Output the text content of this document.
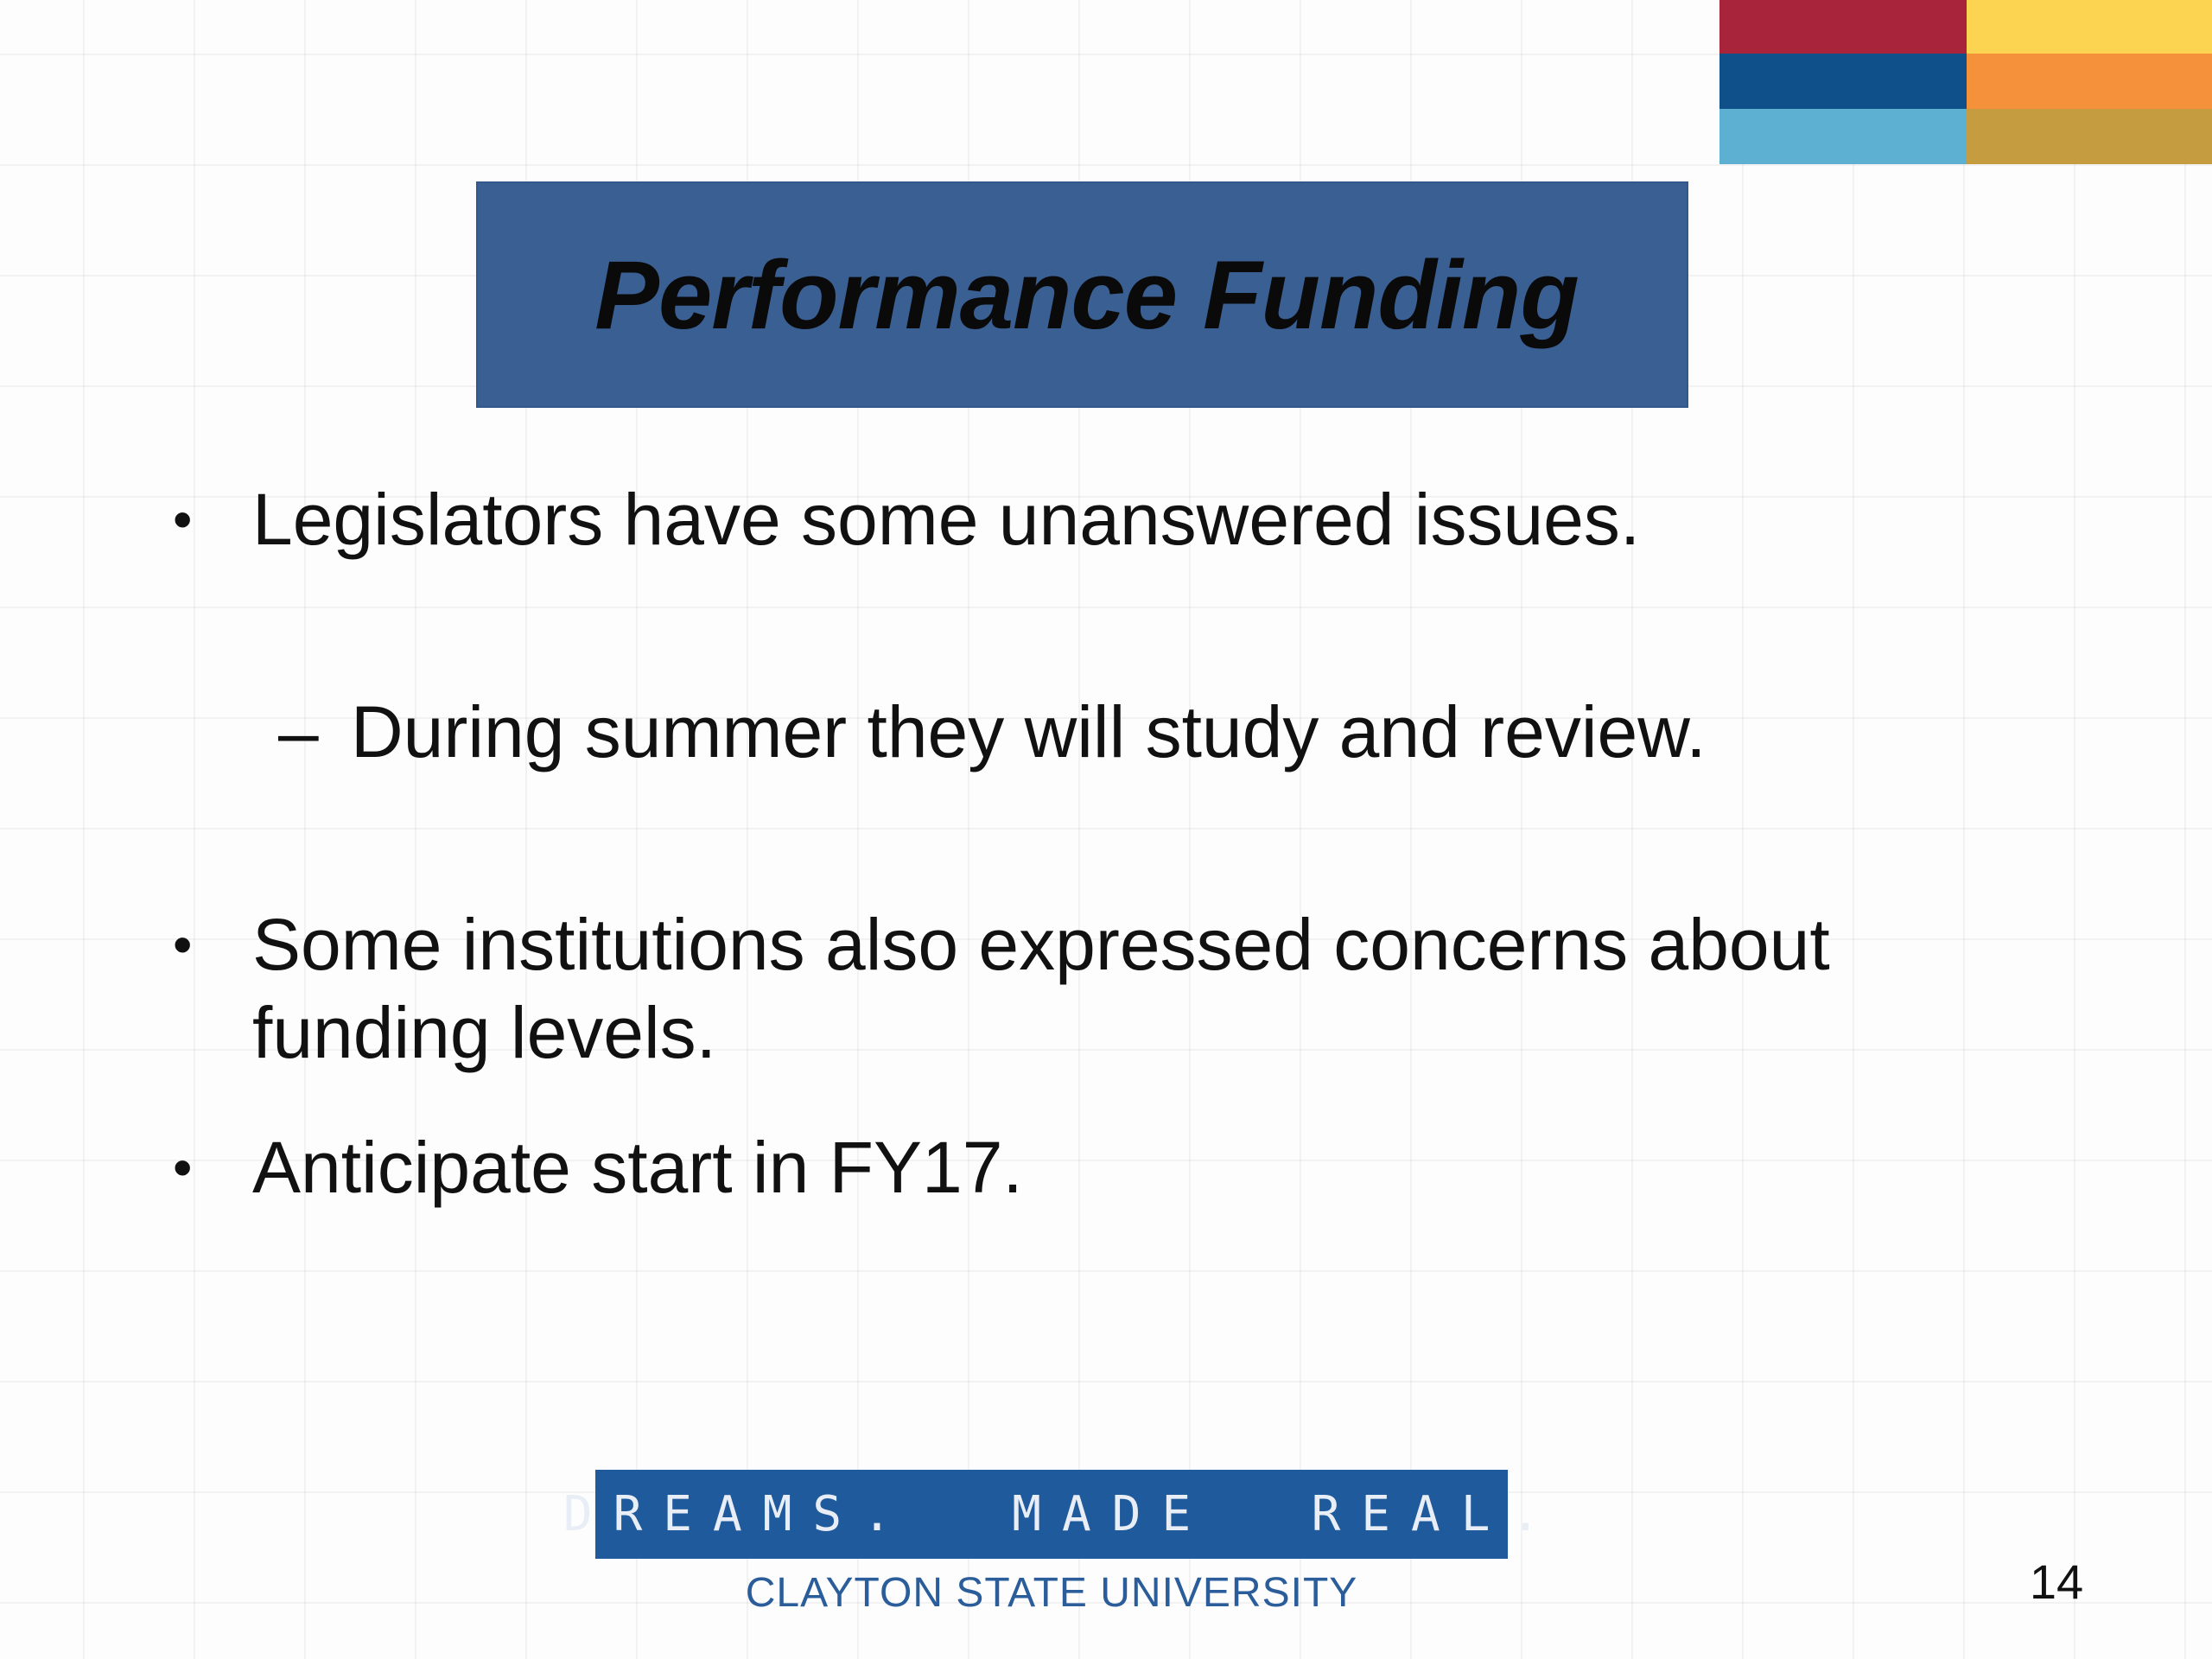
Performance Funding
• Legislators have some unanswered issues.
– During summer they will study and review.
• Some institutions also expressed concerns about funding levels.
• Anticipate start in FY17.
DREAMS.  MADE  REAL.
CLAYTON STATE UNIVERSITY	14
